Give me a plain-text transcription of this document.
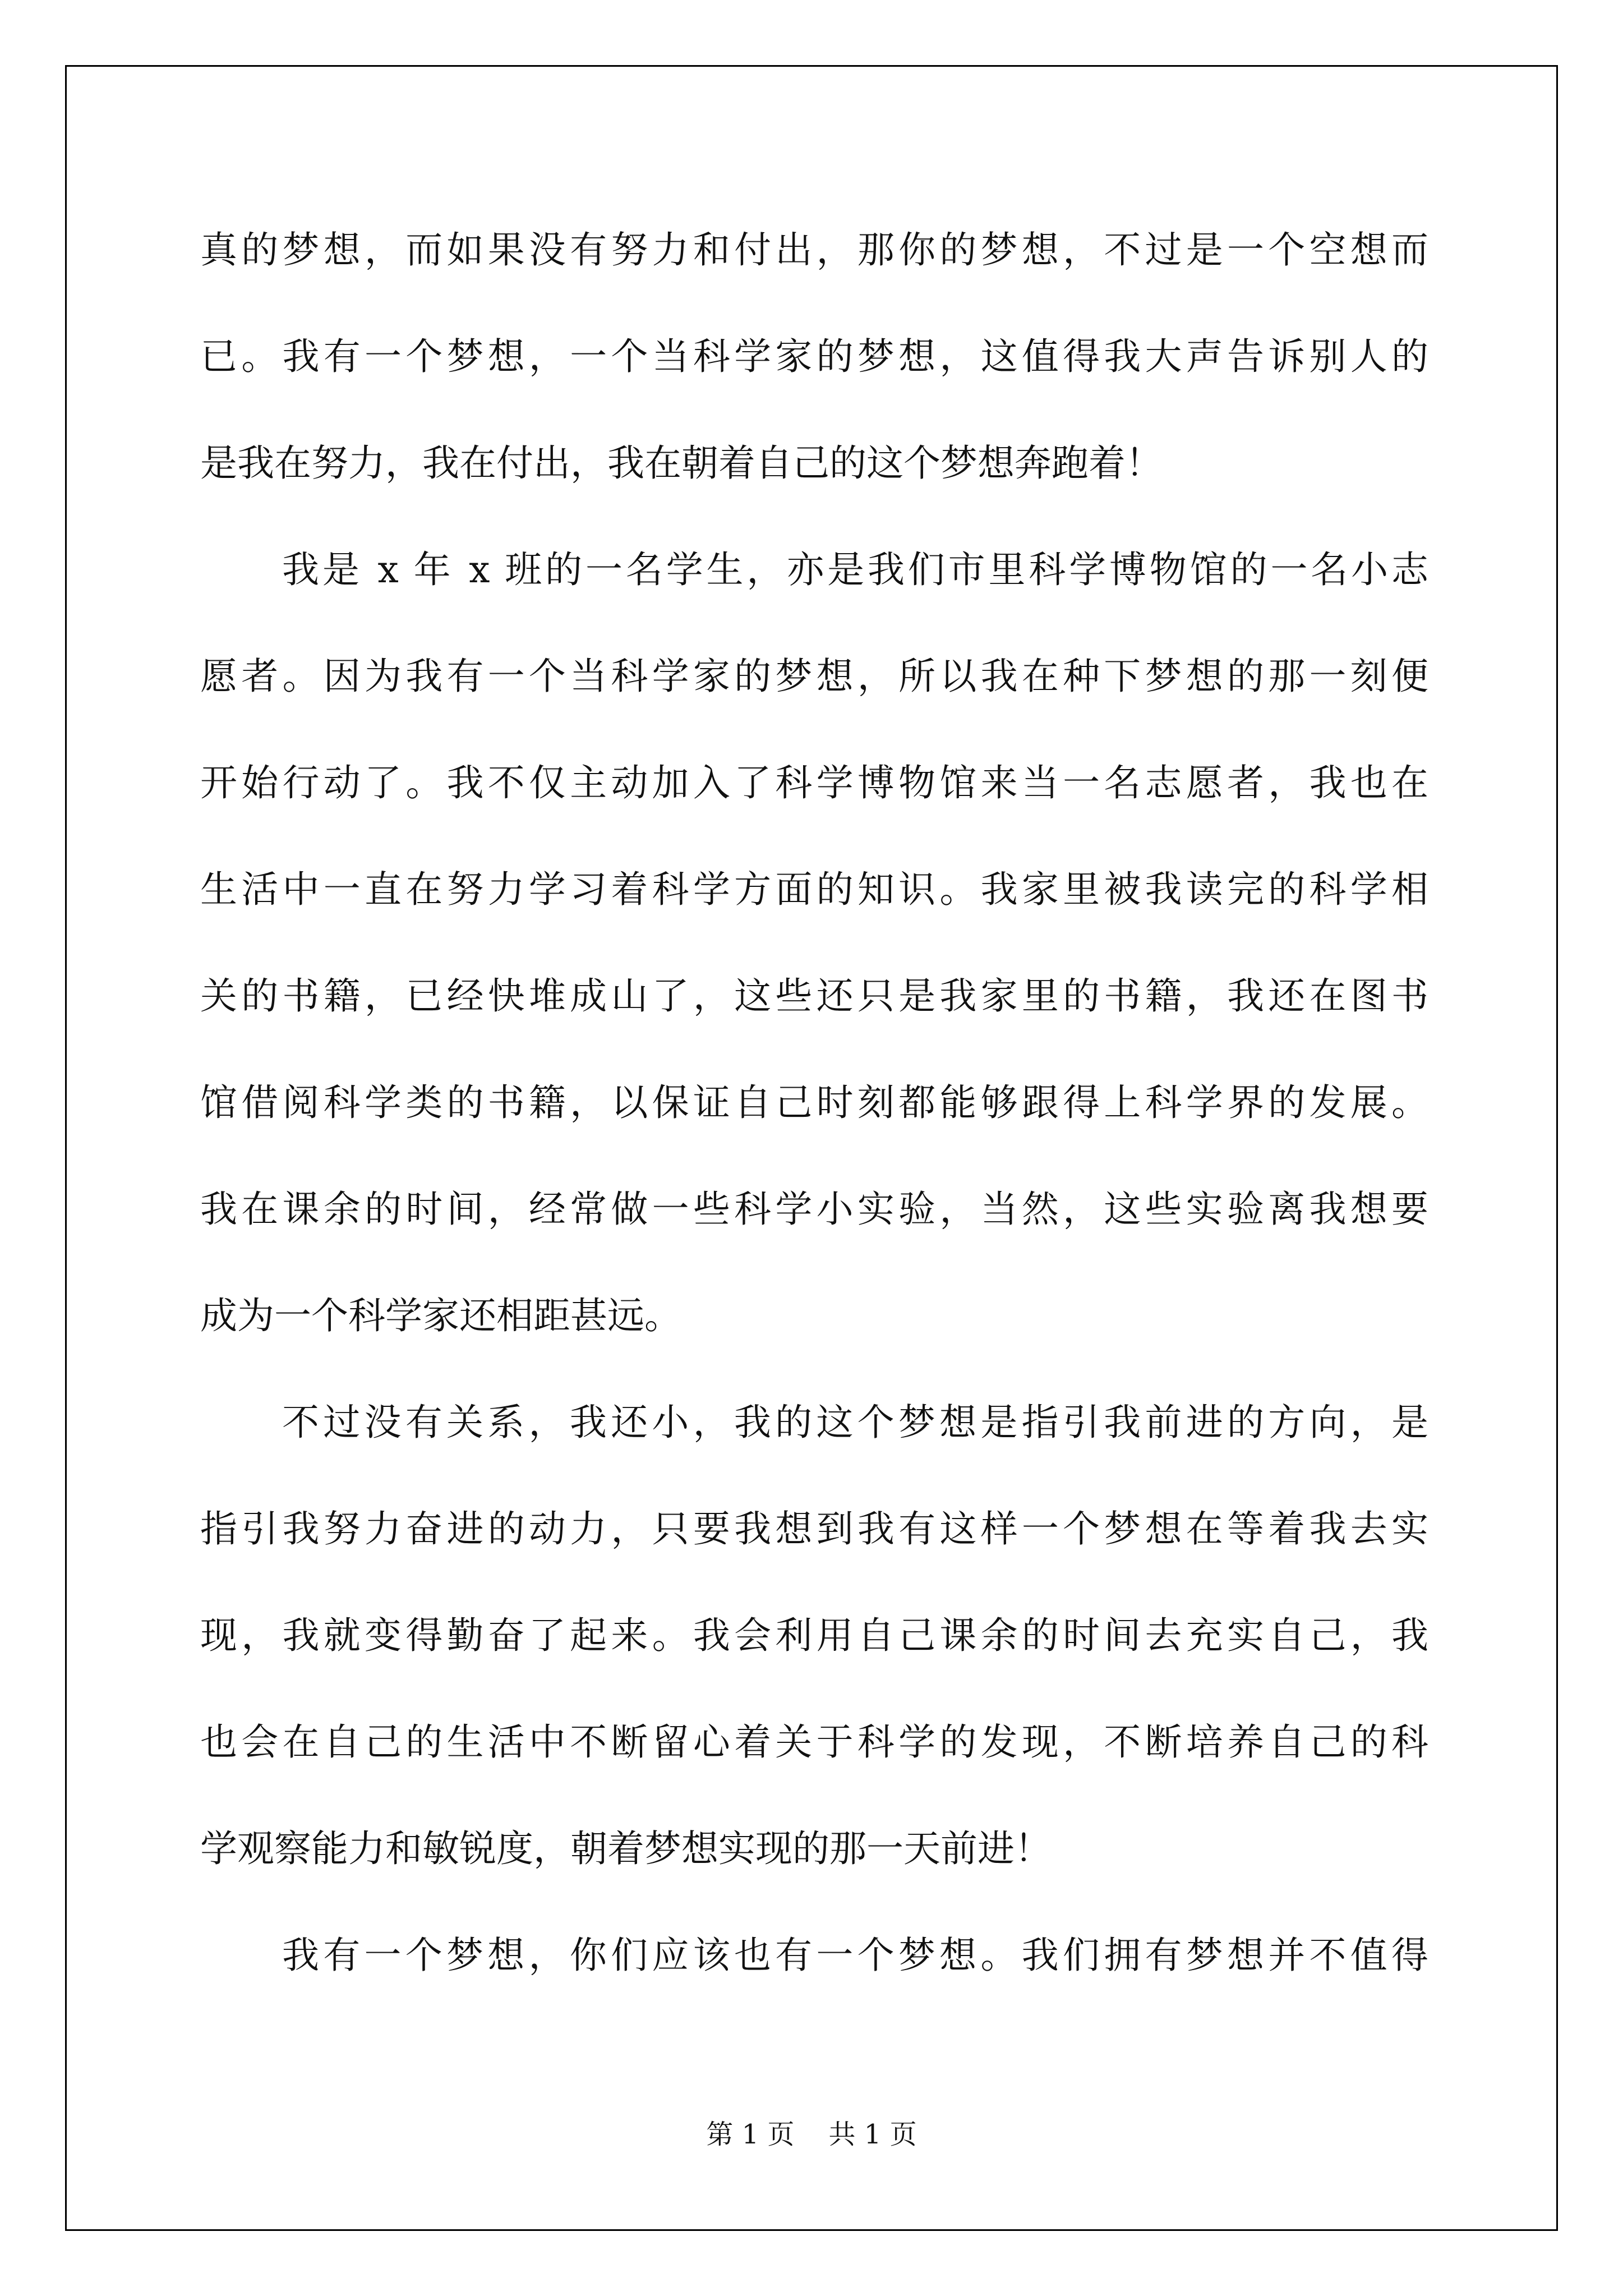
真的梦想，而如果没有努力和付出，那你的梦想，不过是一个空想而
已。我有一个梦想，一个当科学家的梦想，这值得我大声告诉别人的
是我在努力，我在付出，我在朝着自己的这个梦想奔跑着！
我是 x 年 x 班的一名学生，亦是我们市里科学博物馆的一名小志
愿者。因为我有一个当科学家的梦想，所以我在种下梦想的那一刻便
开始行动了。我不仅主动加入了科学博物馆来当一名志愿者，我也在
生活中一直在努力学习着科学方面的知识。我家里被我读完的科学相
关的书籍，已经快堆成山了，这些还只是我家里的书籍，我还在图书
馆借阅科学类的书籍，以保证自己时刻都能够跟得上科学界的发展。
我在课余的时间，经常做一些科学小实验，当然，这些实验离我想要
成为一个科学家还相距甚远。
不过没有关系，我还小，我的这个梦想是指引我前进的方向，是
指引我努力奋进的动力，只要我想到我有这样一个梦想在等着我去实
现，我就变得勤奋了起来。我会利用自己课余的时间去充实自己，我
也会在自己的生活中不断留心着关于科学的发现，不断培养自己的科
学观察能力和敏锐度，朝着梦想实现的那一天前进！
我有一个梦想，你们应该也有一个梦想。我们拥有梦想并不值得
第 1 页    共 1 页
